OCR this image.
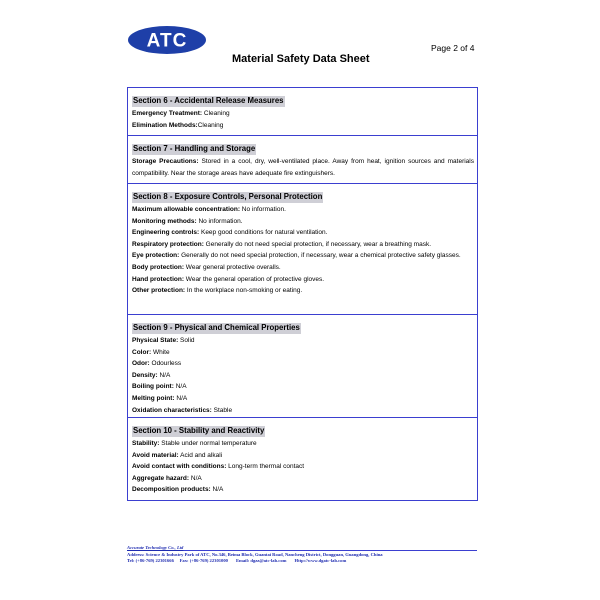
ATC
Material Safety Data Sheet
Page 2 of 4
Section 6 - Accidental Release Measures
Emergency Treatment: Cleaning
Elimination Methods:Cleaning
Section 7 - Handling and Storage
Storage Precautions: Stored in a cool, dry, well-ventilated place. Away from heat, ignition sources and materials compatibility. Near the storage areas have adequate fire extinguishers.
Section 8 - Exposure Controls, Personal Protection
Maximum allowable concentration: No information.
Monitoring methods: No information.
Engineering controls: Keep good conditions for natural ventilation.
Respiratory protection: Generally do not need special protection, if necessary, wear a breathing mask.
Eye protection: Generally do not need special protection, if necessary, wear a chemical protective safety glasses.
Body protection: Wear general protective overalls.
Hand protection: Wear the general operation of protective gloves.
Other protection: In the workplace non-smoking or eating.
Section 9 - Physical and Chemical Properties
Physical State: Solid
Color: White
Odor: Odourless
Density: N/A
Boiling point: N/A
Melting point: N/A
Oxidation characteristics: Stable
Section 10 - Stability and Reactivity
Stability: Stable under normal temperature
Avoid material: Acid and alkali
Avoid contact with conditions: Long-term thermal contact
Aggregate hazard: N/A
Decomposition products: N/A
Accurate Technology Co., Ltd
Address: Science & Industry Park of ATC, No.346, Beima Block, Guantai Road, Nancheng District, Dongguan, Guangdong, China
Tel: (+86-769) 22301666 Fax: (+86-769) 22301000 Email: dgzz@atc-lab.com Http://www.dgatc-lab.com
